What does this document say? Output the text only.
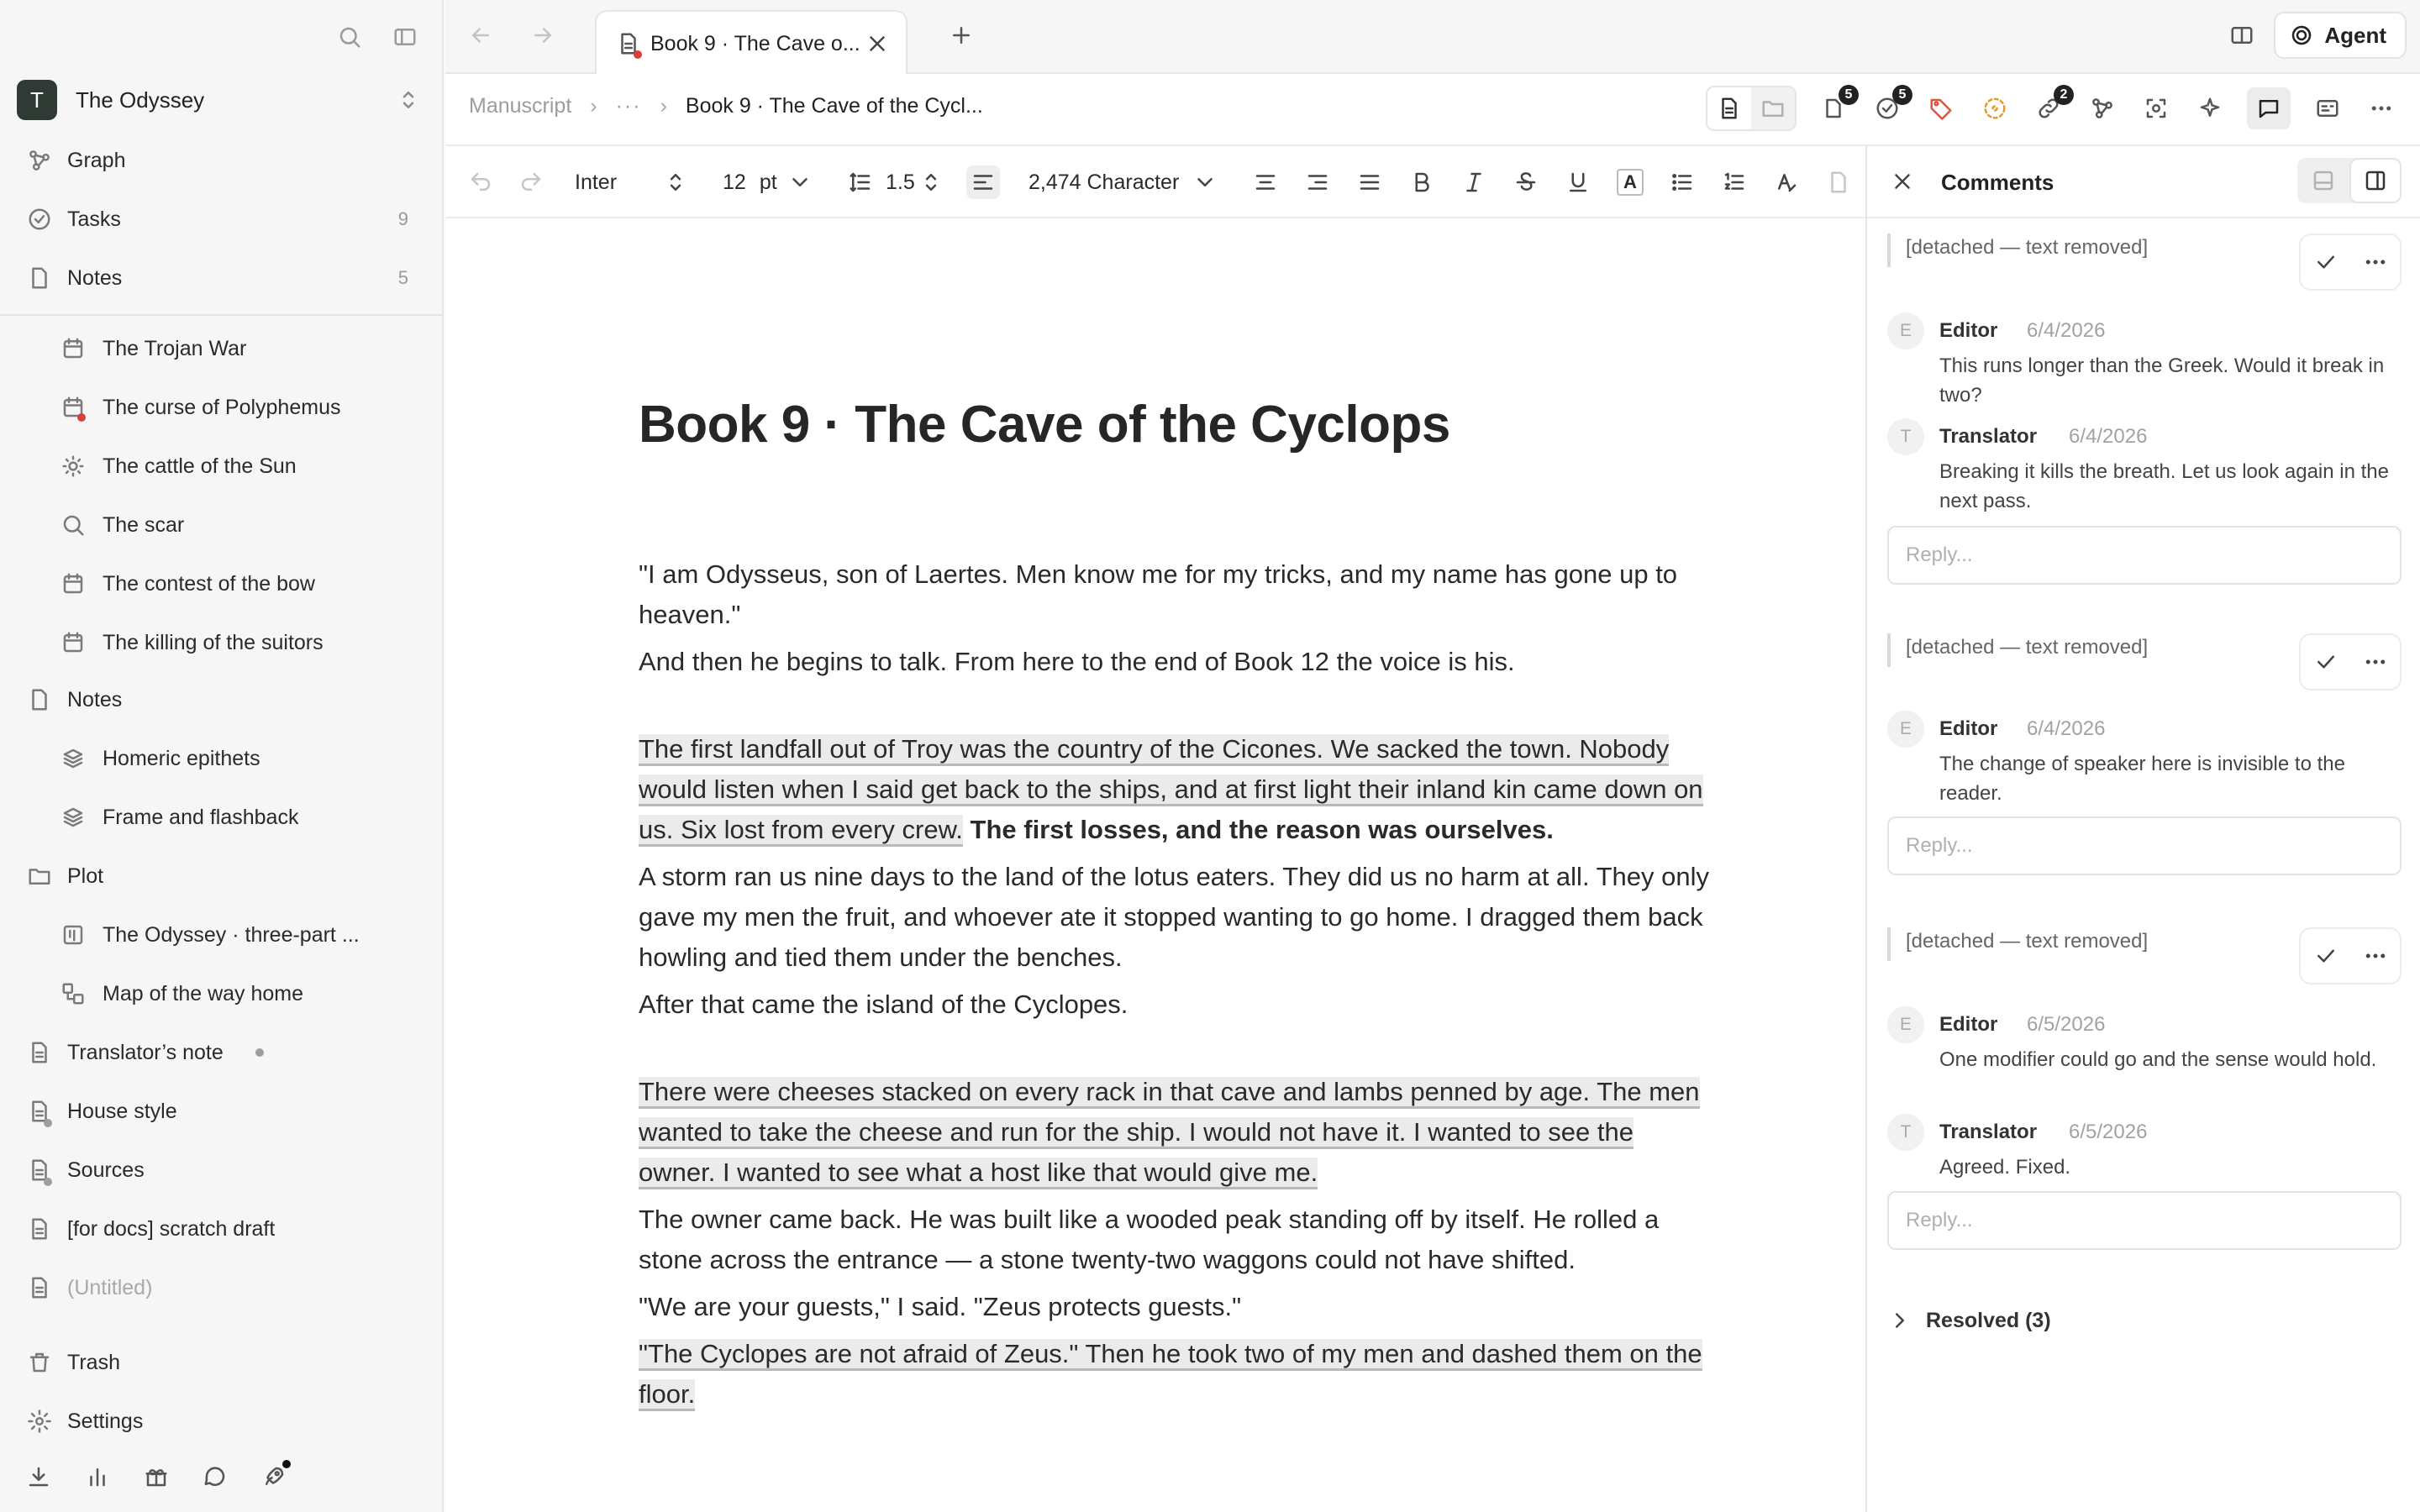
T	The Odyssey
Graph
Tasks	9
Notes	5
The Trojan War
The curse of Polyphemus
The cattle of the Sun
The scar
The contest of the bow
The killing of the suitors
Notes
Homeric epithets
Frame and flashback
Plot
The Odyssey · three-part ...
Map of the way home
Translator’s note
House style
Sources
[for docs] scratch draft
(Untitled)
Trash
Settings
Book 9 · The Cave o...	Agent
Manuscript › ··· › Book 9 · The Cave of the Cycl...	5	5	2
Inter	12 pt	1.5	2,474 Character	A
Book 9 · The Cave of the Cyclops

"I am Odysseus, son of Laertes. Men know me for my tricks, and my name has gone up to heaven."

And then he begins to talk. From here to the end of Book 12 the voice is his.

The first landfall out of Troy was the country of the Cicones. We sacked the town. Nobody would listen when I said get back to the ships, and at first light their inland kin came down on us. Six lost from every crew. The first losses, and the reason was ourselves.

A storm ran us nine days to the land of the lotus eaters. They did us no harm at all. They only gave my men the fruit, and whoever ate it stopped wanting to go home. I dragged them back howling and tied them under the benches.

After that came the island of the Cyclopes.

There were cheeses stacked on every rack in that cave and lambs penned by age. The men wanted to take the cheese and run for the ship. I would not have it. I wanted to see the owner. I wanted to see what a host like that would give me.

The owner came back. He was built like a wooded peak standing off by itself. He rolled a stone across the entrance — a stone twenty-two waggons could not have shifted.

"We are your guests," I said. "Zeus protects guests."

"The Cyclopes are not afraid of Zeus." Then he took two of my men and dashed them on the floor.

Comments
[detached — text removed]
E	Editor 6/4/2026
This runs longer than the Greek. Would it break in two?
T	Translator 6/4/2026
Breaking it kills the breath. Let us look again in the next pass.
Reply...
[detached — text removed]
E	Editor 6/4/2026
The change of speaker here is invisible to the reader.
Reply...
[detached — text removed]
E	Editor 6/5/2026
One modifier could go and the sense would hold.
T	Translator 6/5/2026
Agreed. Fixed.
Reply...
Resolved (3)
